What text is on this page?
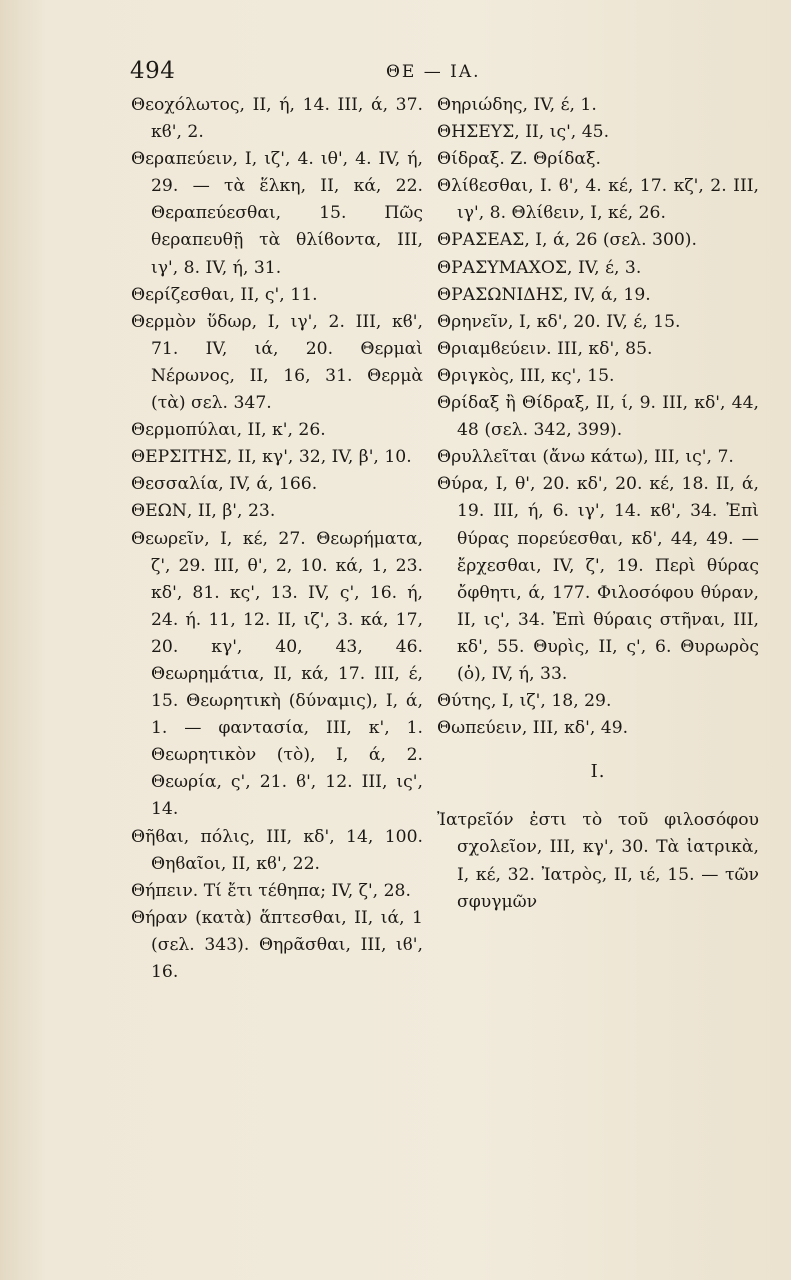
494	ΘΕ — ΙΑ.

Θεοχόλωτος, II, ή, 14. III, ά, 37. κϐ', 2.

Θεραπεύειν, I, ιζ', 4. ιθ', 4. IV, ή, 29. — τὰ ἕλκη, II, κά, 22. Θεραπεύεσθαι, 15. Πῶς θεραπευθῇ τὰ θλίϐοντα, III, ιγ', 8. IV, ή, 31.

Θερίζεσθαι, II, ς', 11.

Θερμὸν ὕδωρ, I, ιγ', 2. III, κϐ', 71. IV, ιά, 20. Θερμαὶ Νέρωνος, II, 16, 31. Θερμὰ (τὰ) σελ. 347.

Θερμοπύλαι, II, κ', 26.

ΘΕΡΣΙΤΗΣ, II, κγ', 32, IV, β', 10.

Θεσσαλία, IV, ά, 166.

ΘΕΩΝ, II, β', 23.

Θεωρεῖν, I, κέ, 27. Θεωρήματα, ζ', 29. III, θ', 2, 10. κά, 1, 23. κδ', 81. κς', 13. IV, ς', 16. ή, 24. ή. 11, 12. II, ιζ', 3. κά, 17, 20. κγ', 40, 43, 46. Θεωρημάτια, II, κά, 17. III, έ, 15. Θεωρητικὴ (δύναμις), I, ά, 1. — φαντασία, III, κ', 1. Θεωρητικὸν (τὸ), I, ά, 2. Θεωρία, ς', 21. ϐ', 12. III, ις', 14.

Θῆϐαι, πόλις, III, κδ', 14, 100. Θηϐαῖοι, II, κϐ', 22.

Θήπειν. Τί ἔτι τέθηπα; IV, ζ', 28.

Θήραν (κατὰ) ἅπτεσθαι, II, ιά, 1 (σελ. 343). Θηρᾶσθαι, III, ιϐ', 16.

Θηριώδης, IV, έ, 1.

ΘΗΣΕΥΣ, II, ις', 45.

Θίδραξ. Ζ. Θρίδαξ.

Θλίϐεσθαι, I. ϐ', 4. κέ, 17. κζ', 2. III, ιγ', 8. Θλίϐειν, I, κέ, 26.

ΘΡΑΣΕΑΣ, I, ά, 26 (σελ. 300).

ΘΡΑΣΥΜΑΧΟΣ, IV, έ, 3.

ΘΡΑΣΩΝΙΔΗΣ, IV, ά, 19.

Θρηνεῖν, I, κδ', 20. IV, έ, 15.

Θριαμϐεύειν. III, κδ', 85.

Θριγκὸς, III, κς', 15.

Θρίδαξ ἢ Θίδραξ, II, ί, 9. III, κδ', 44, 48 (σελ. 342, 399).

Θρυλλεῖται (ἄνω κάτω), III, ις', 7.

Θύρα, I, θ', 20. κδ', 20. κέ, 18. II, ά, 19. III, ή, 6. ιγ', 14. κϐ', 34. Ἐπὶ θύρας πορεύεσθαι, κδ', 44, 49. — ἔρχεσθαι, IV, ζ', 19. Περὶ θύρας ὄφθητι, ά, 177. Φιλοσόφου θύραν, II, ις', 34. Ἐπὶ θύραις στῆναι, III, κδ', 55. Θυρὶς, II, ς', 6. Θυρωρὸς (ὁ), IV, ή, 33.

Θύτης, I, ιζ', 18, 29.

Θωπεύειν, III, κδ', 49.

I.

Ἰατρεῖόν ἐστι τὸ τοῦ φιλοσόφου σχολεῖον, III, κγ', 30. Τὰ ἰατρικὰ, I, κέ, 32. Ἰατρὸς, II, ιέ, 15. — τῶν σφυγμῶν
